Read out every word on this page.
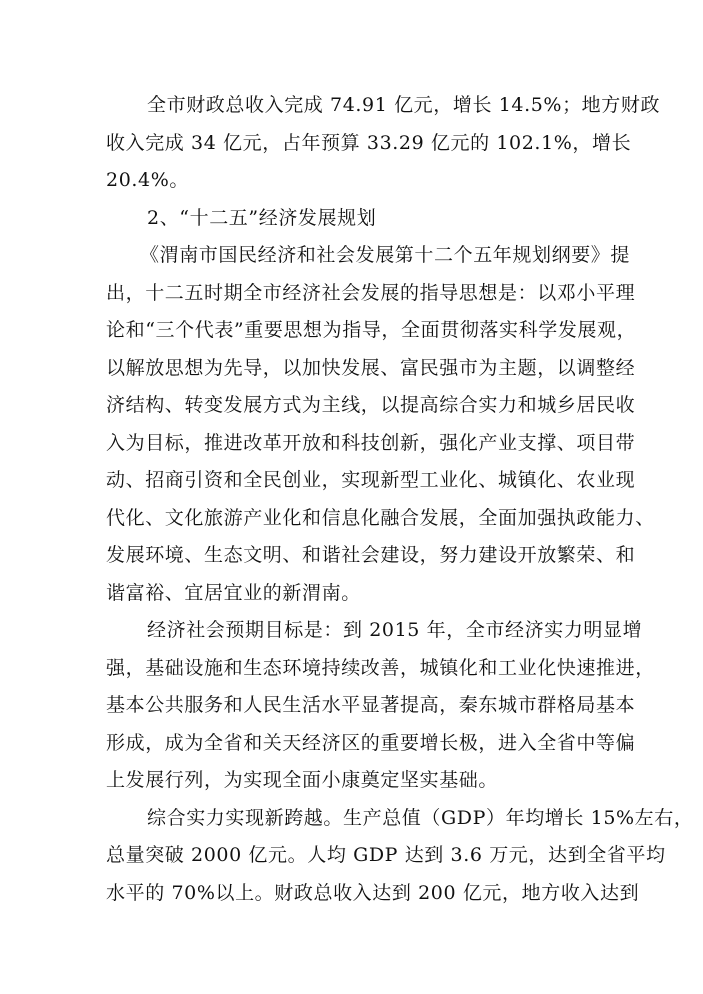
全市财政总收入完成 74.91 亿元，增长 14.5%；地方财政
收入完成 34 亿元，占年预算 33.29 亿元的 102.1%，增长
20.4%。
2、“十二五”经济发展规划
《渭南市国民经济和社会发展第十二个五年规划纲要》提
出，十二五时期全市经济社会发展的指导思想是：以邓小平理
论和“三个代表”重要思想为指导，全面贯彻落实科学发展观，
以解放思想为先导，以加快发展、富民强市为主题，以调整经
济结构、转变发展方式为主线，以提高综合实力和城乡居民收
入为目标，推进改革开放和科技创新，强化产业支撑、项目带
动、招商引资和全民创业，实现新型工业化、城镇化、农业现
代化、文化旅游产业化和信息化融合发展，全面加强执政能力、
发展环境、生态文明、和谐社会建设，努力建设开放繁荣、和
谐富裕、宜居宜业的新渭南。
经济社会预期目标是：到 2015 年，全市经济实力明显增
强，基础设施和生态环境持续改善，城镇化和工业化快速推进，
基本公共服务和人民生活水平显著提高，秦东城市群格局基本
形成，成为全省和关天经济区的重要增长极，进入全省中等偏
上发展行列，为实现全面小康奠定坚实基础。
综合实力实现新跨越。生产总值（GDP）年均增长 15%左右，
总量突破 2000 亿元。人均 GDP 达到 3.6 万元，达到全省平均
水平的 70%以上。财政总收入达到 200 亿元，地方收入达到
